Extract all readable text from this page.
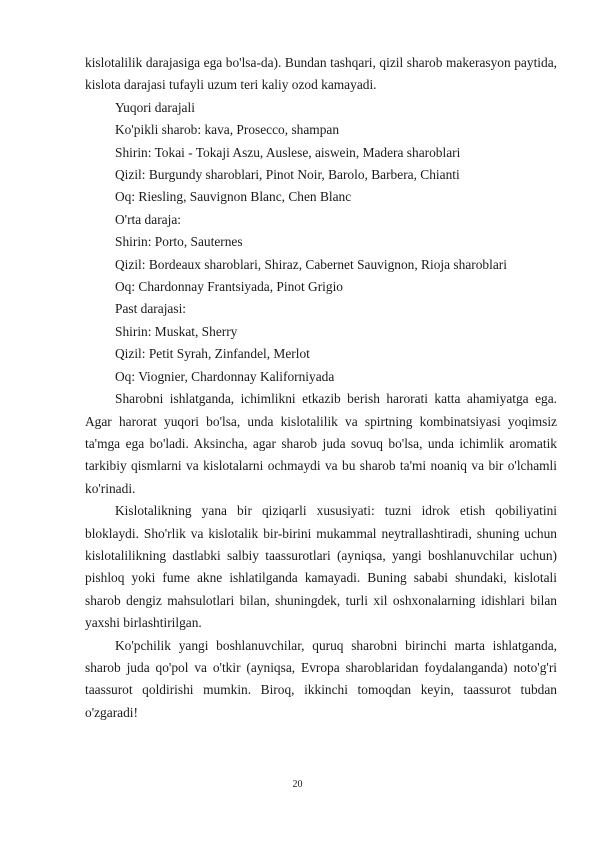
kislotalilik darajasiga ega bo'lsa-da). Bundan tashqari, qizil sharob makerasyon paytida, kislota darajasi tufayli uzum teri kaliy ozod kamayadi.

Yuqori darajali

Ko'pikli sharob: kava, Prosecco, shampan

Shirin: Tokai - Tokaji Aszu, Auslese, aiswein, Madera sharoblari

Qizil: Burgundy sharoblari, Pinot Noir, Barolo, Barbera, Chianti

Oq: Riesling, Sauvignon Blanc, Chen Blanc

O'rta daraja:

Shirin: Porto, Sauternes

Qizil: Bordeaux sharoblari, Shiraz, Cabernet Sauvignon, Rioja sharoblari

Oq: Chardonnay Frantsiyada, Pinot Grigio

Past darajasi:

Shirin: Muskat, Sherry

Qizil: Petit Syrah, Zinfandel, Merlot

Oq: Viognier, Chardonnay Kaliforniyada

Sharobni ishlatganda, ichimlikni etkazib berish harorati katta ahamiyatga ega. Agar harorat yuqori bo'lsa, unda kislotalilik va spirtning kombinatsiyasi yoqimsiz ta'mga ega bo'ladi. Aksincha, agar sharob juda sovuq bo'lsa, unda ichimlik aromatik tarkibiy qismlarni va kislotalarni ochmaydi va bu sharob ta'mi noaniq va bir o'lchamli ko'rinadi.

Kislotalikning yana bir qiziqarli xususiyati: tuzni idrok etish qobiliyatini bloklaydi. Sho'rlik va kislotalik bir-birini mukammal neytrallashtiradi, shuning uchun kislotalilikning dastlabki salbiy taassurotlari (ayniqsa, yangi boshlanuvchilar uchun) pishloq yoki fume akne ishlatilganda kamayadi. Buning sababi shundaki, kislotali sharob dengiz mahsulotlari bilan, shuningdek, turli xil oshxonalarning idishlari bilan yaxshi birlashtirilgan.

Ko'pchilik yangi boshlanuvchilar, quruq sharobni birinchi marta ishlatganda, sharob juda qo'pol va o'tkir (ayniqsa, Evropa sharoblaridan foydalanganda) noto'g'ri taassurot qoldirishi mumkin. Biroq, ikkinchi tomoqdan keyin, taassurot tubdan o'zgaradi!

20
